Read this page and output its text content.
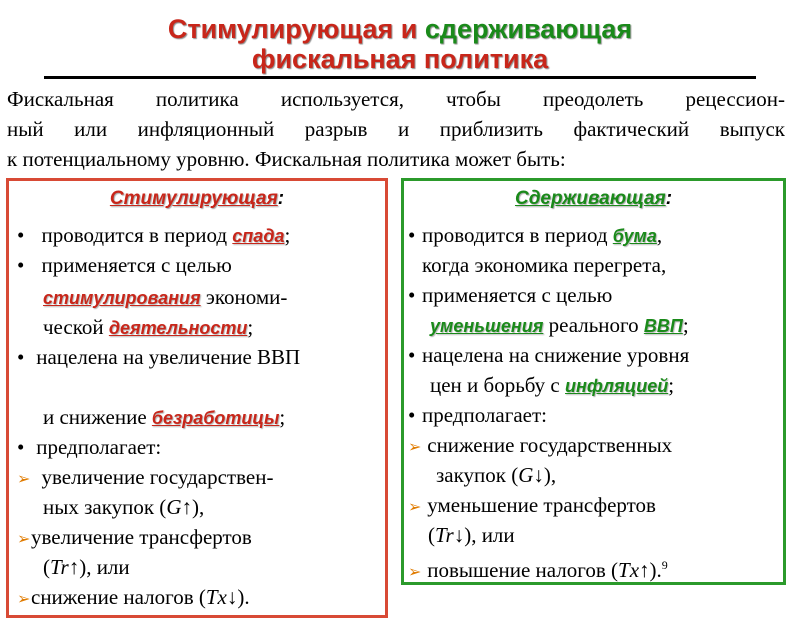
Стимулирующая и сдерживающая
фискальная политика
Фискальная политика используется, чтобы преодолеть рецессион-
ный или инфляционный разрыв и приблизить фактический выпуск
к потенциальному уровню. Фискальная политика может быть:
Стимулирующая:
• проводится в период спада;
• применяется с целью
стимулирования экономи-
ческой деятельности;
• нацелена на увеличение ВВП
и снижение безработицы;
• предполагает:
➢ увеличение государствен-
ных закупок (G↑),
➢увеличение трансфертов
(Tr↑), или
➢снижение налогов (Tx↓).
Сдерживающая:
• проводится в период бума,
когда экономика перегрета,
• применяется с целью
уменьшения реального ВВП;
• нацелена на снижение уровня
цен и борьбу с инфляцией;
• предполагает:
➢ снижение государственных
закупок (G↓),
➢ уменьшение трансфертов
(Tr↓), или
➢ повышение налогов (Tx↑).$^9$
